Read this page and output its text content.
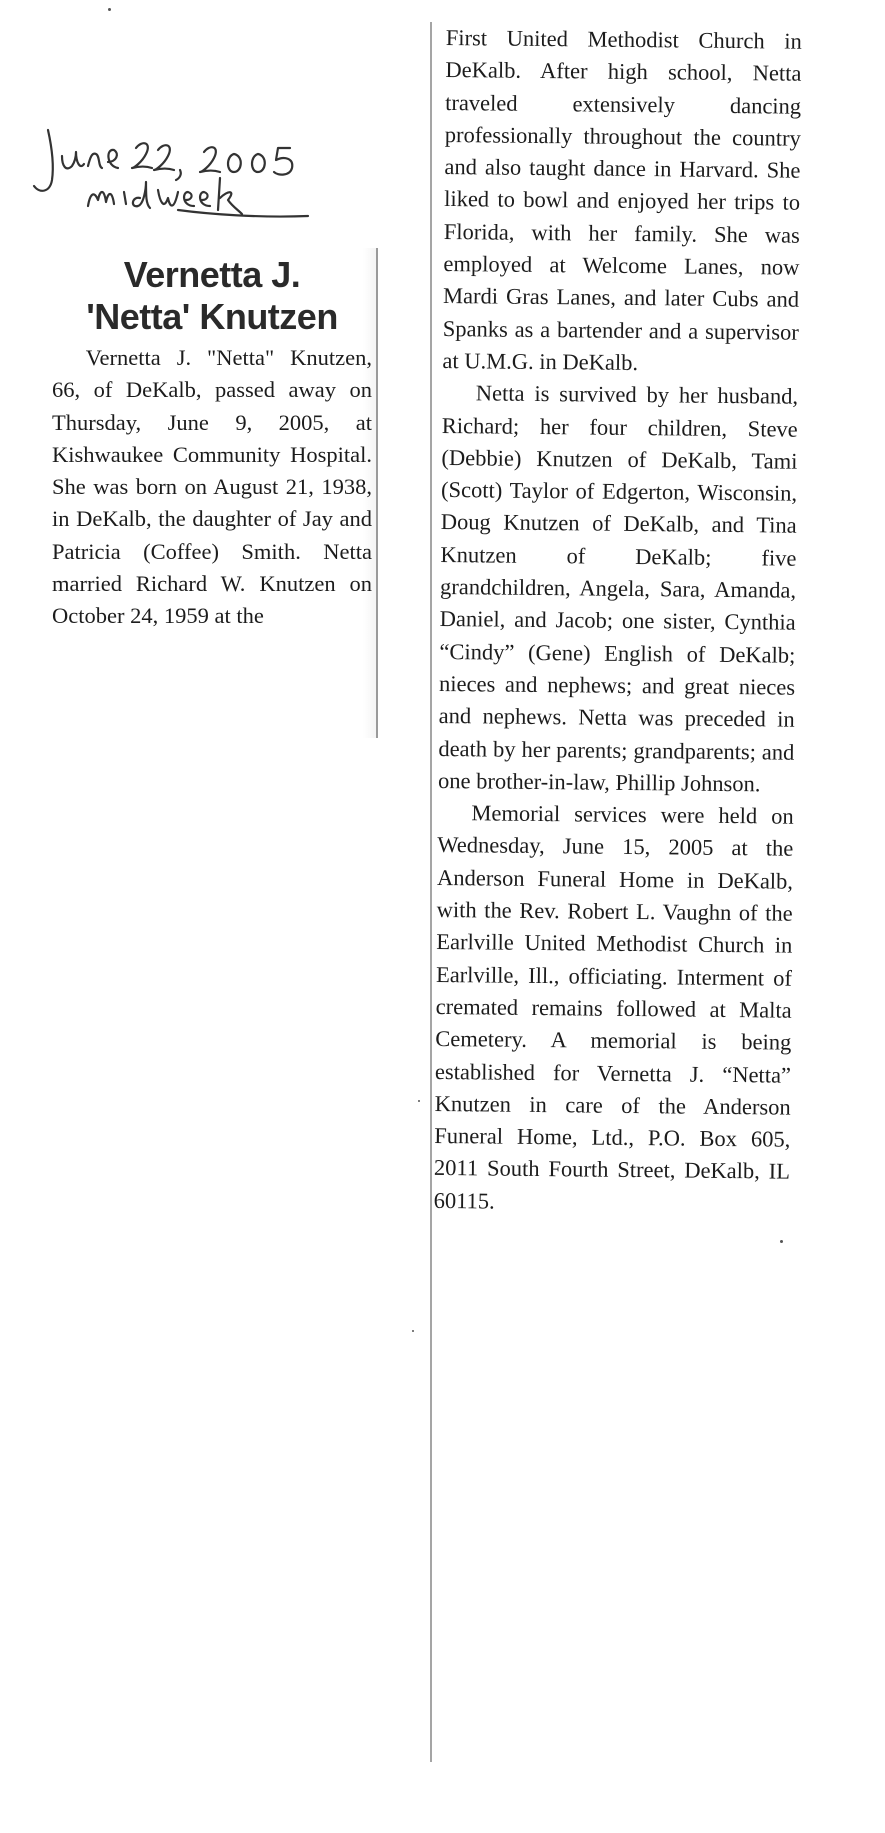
Vernetta J.
'Netta' Knutzen

Vernetta J. "Netta" Knutzen, 66, of DeKalb, passed away on Thursday, June 9, 2005, at Kishwaukee Community Hospital. She was born on August 21, 1938, in DeKalb, the daughter of Jay and Patricia (Coffee) Smith. Netta married Richard W. Knutzen on October 24, 1959 at the

First United Methodist Church in DeKalb. After high school, Netta traveled extensively dancing professionally throughout the country and also taught dance in Harvard. She liked to bowl and enjoyed her trips to Florida, with her family. She was employed at Welcome Lanes, now Mardi Gras Lanes, and later Cubs and Spanks as a bartender and a supervisor at U.M.G. in DeKalb.

Netta is survived by her husband, Richard; her four children, Steve (Debbie) Knutzen of DeKalb, Tami (Scott) Taylor of Edgerton, Wisconsin, Doug Knutzen of DeKalb, and Tina Knutzen of DeKalb; five grandchildren, Angela, Sara, Amanda, Daniel, and Jacob; one sister, Cynthia “Cindy” (Gene) English of DeKalb; nieces and nephews; and great nieces and nephews. Netta was preceded in death by her parents; grandparents; and one brother-in-law, Phillip Johnson.

Memorial services were held on Wednesday, June 15, 2005 at the Anderson Funeral Home in DeKalb, with the Rev. Robert L. Vaughn of the Earlville United Methodist Church in Earlville, Ill., officiating. Interment of cremated remains followed at Malta Cemetery. A memorial is being established for Vernetta J. “Netta” Knutzen in care of the Anderson Funeral Home, Ltd., P.O. Box 605, 2011 South Fourth Street, DeKalb, IL 60115.
